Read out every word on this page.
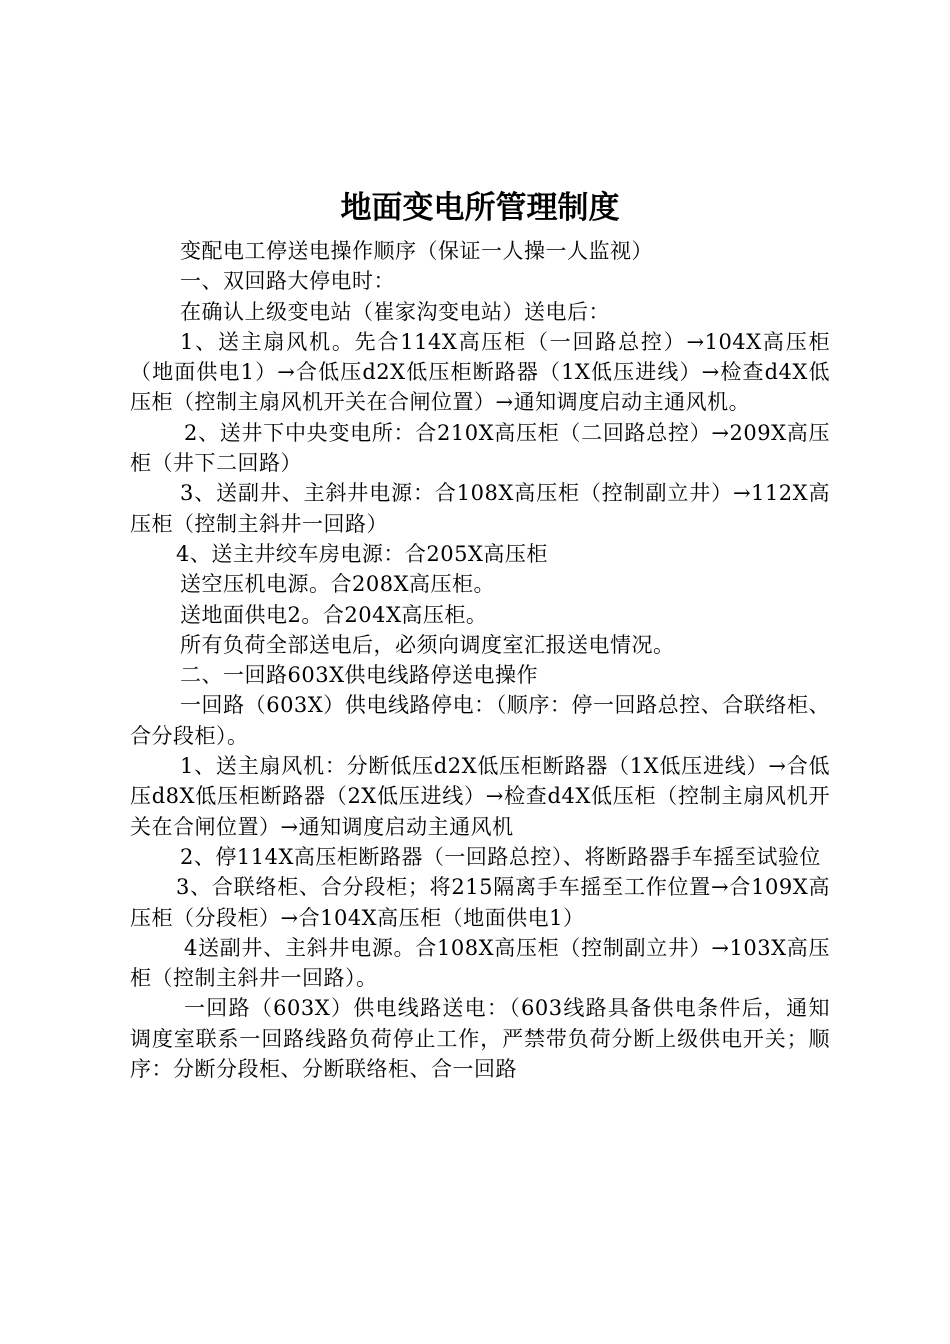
地面变电所管理制度

变配电工停送电操作顺序（保证一人操一人监视）

一、双回路大停电时：

在确认上级变电站（崔家沟变电站）送电后：

1、送主扇风机。先合114X高压柜（一回路总控）→104X高压柜（地面供电1）→合低压d2X低压柜断路器（1X低压进线）→检查d4X低压柜（控制主扇风机开关在合闸位置）→通知调度启动主通风机。

2、送井下中央变电所：合210X高压柜（二回路总控）→209X高压柜（井下二回路）

3、送副井、主斜井电源：合108X高压柜（控制副立井）→112X高压柜（控制主斜井一回路）

4、送主井绞车房电源：合205X高压柜

送空压机电源。合208X高压柜。

送地面供电2。合204X高压柜。

所有负荷全部送电后，必须向调度室汇报送电情况。

二、一回路603X供电线路停送电操作

一回路（603X）供电线路停电：（顺序：停一回路总控、合联络柜、合分段柜）。

1、送主扇风机：分断低压d2X低压柜断路器（1X低压进线）→合低压d8X低压柜断路器（2X低压进线）→检查d4X低压柜（控制主扇风机开关在合闸位置）→通知调度启动主通风机

2、停114X高压柜断路器（一回路总控）、将断路器手车摇至试验位

3、合联络柜、合分段柜；将215隔离手车摇至工作位置→合109X高压柜（分段柜）→合104X高压柜（地面供电1）

4送副井、主斜井电源。合108X高压柜（控制副立井）→103X高压柜（控制主斜井一回路）。

一回路（603X）供电线路送电：（603线路具备供电条件后，通知调度室联系一回路线路负荷停止工作，严禁带负荷分断上级供电开关；顺序：分断分段柜、分断联络柜、合一回路
